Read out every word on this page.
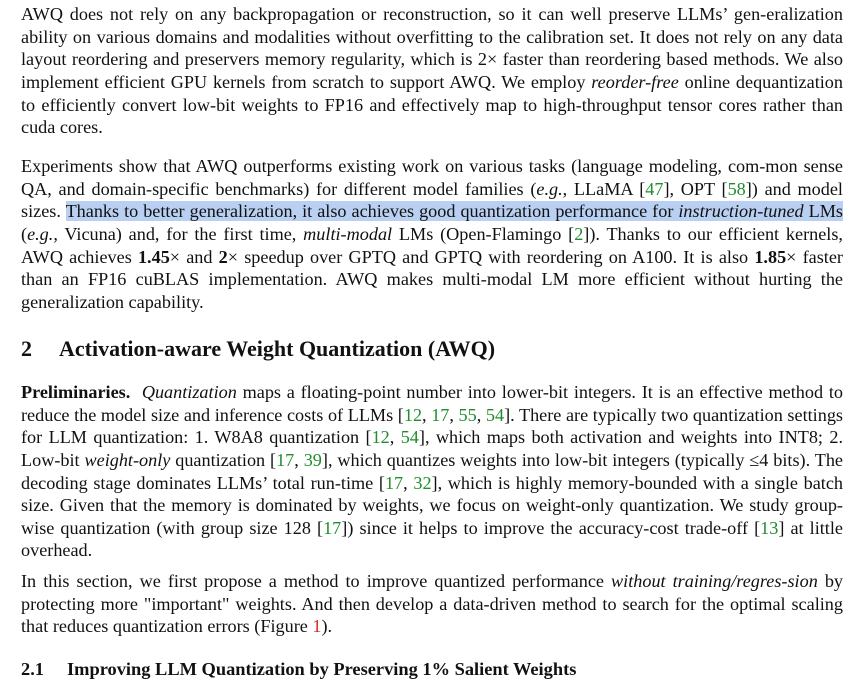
AWQ does not rely on any backpropagation or reconstruction, so it can well preserve LLMs’ gen-eralization ability on various domains and modalities without overfitting to the calibration set. It does not rely on any data layout reordering and preservers memory regularity, which is 2× faster than reordering based methods. We also implement efficient GPU kernels from scratch to support AWQ. We employ reorder-free online dequantization to efficiently convert low-bit weights to FP16 and effectively map to high-throughput tensor cores rather than cuda cores.

Experiments show that AWQ outperforms existing work on various tasks (language modeling, com-mon sense QA, and domain-specific benchmarks) for different model families (e.g., LLaMA [47], OPT [58]) and model sizes. Thanks to better generalization, it also achieves good quantization performance for instruction-tuned LMs (e.g., Vicuna) and, for the first time, multi-modal LMs (Open-Flamingo [2]). Thanks to our efficient kernels, AWQ achieves 1.45× and 2× speedup over GPTQ and GPTQ with reordering on A100. It is also 1.85× faster than an FP16 cuBLAS implementation. AWQ makes multi-modal LM more efficient without hurting the generalization capability.

2 Activation-aware Weight Quantization (AWQ)

Preliminaries. Quantization maps a floating-point number into lower-bit integers. It is an effective method to reduce the model size and inference costs of LLMs [12, 17, 55, 54]. There are typically two quantization settings for LLM quantization: 1. W8A8 quantization [12, 54], which maps both activation and weights into INT8; 2. Low-bit weight-only quantization [17, 39], which quantizes weights into low-bit integers (typically ≤4 bits). The decoding stage dominates LLMs’ total run-time [17, 32], which is highly memory-bounded with a single batch size. Given that the memory is dominated by weights, we focus on weight-only quantization. We study group-wise quantization (with group size 128 [17]) since it helps to improve the accuracy-cost trade-off [13] at little overhead.

In this section, we first propose a method to improve quantized performance without training/regres-sion by protecting more "important" weights. And then develop a data-driven method to search for the optimal scaling that reduces quantization errors (Figure 1).

2.1 Improving LLM Quantization by Preserving 1% Salient Weights
